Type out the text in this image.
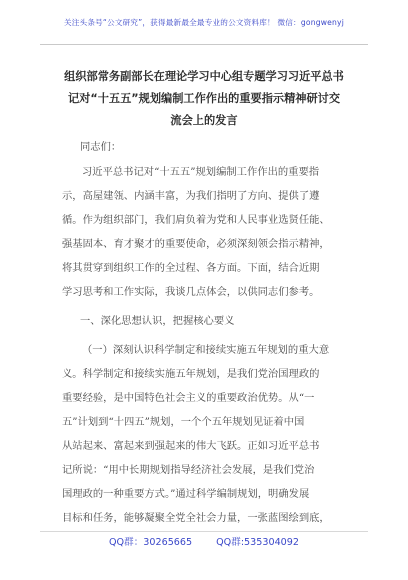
关注头条号“公文研究”，获得最新最全最专业的公文资料库！ 微信：gongwenyj
组织部常务副部长在理论学习中心组专题学习习近平总书
记对“十五五”规划编制工作作出的重要指示精神研讨交
流会上的发言
同志们：
习近平总书记对“十五五”规划编制工作作出的重要指
示，高屋建瓴、内涵丰富，为我们指明了方向、提供了遵
循。作为组织部门，我们肩负着为党和人民事业选贤任能、
强基固本、育才聚才的重要使命，必须深刻领会指示精神，
将其贯穿到组织工作的全过程、各方面。下面，结合近期
学习思考和工作实际，我谈几点体会，以供同志们参考。
一、深化思想认识，把握核心要义
（一）深刻认识科学制定和接续实施五年规划的重大意
义。科学制定和接续实施五年规划，是我们党治国理政的
重要经验，是中国特色社会主义的重要政治优势。从“一
五”计划到“十四五”规划，一个个五年规划见证着中国
从站起来、富起来到强起来的伟大飞跃。正如习近平总书
记所说：“用中长期规划指导经济社会发展，是我们党治
国理政的一种重要方式。”通过科学编制规划，明确发展
目标和任务，能够凝聚全党全社会力量，一张蓝图绘到底，
QQ群：30265665	QQ群:535304092
